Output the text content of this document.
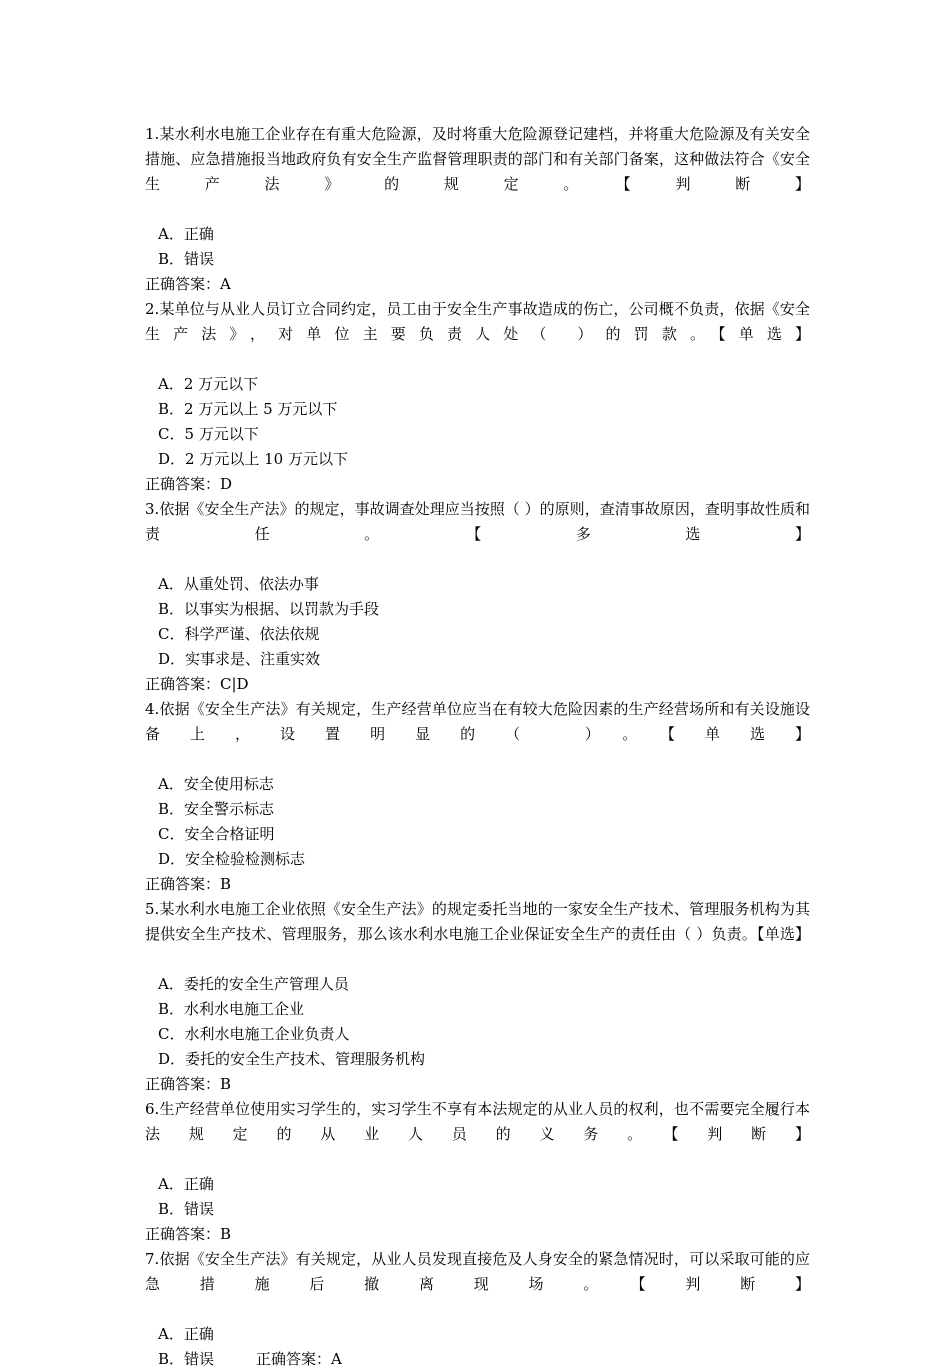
1.某水利水电施工企业存在有重大危险源，及时将重大危险源登记建档，并将重大危险源及有关安全措施、应急措施报当地政府负有安全生产监督管理职责的部门和有关部门备案，这种做法符合《安全生产法》的规定。【判断】

A．正确

B．错误

正确答案：A

2.某单位与从业人员订立合同约定，员工由于安全生产事故造成的伤亡，公司概不负责，依据《安全生产法》，对单位主要负责人处（ ）的罚款。【单选】

A．2 万元以下

B．2 万元以上 5 万元以下

C．5 万元以下

D．2 万元以上 10 万元以下

正确答案：D

3.依据《安全生产法》的规定，事故调查处理应当按照（ ）的原则，查清事故原因，查明事故性质和责任。【多选】

A．从重处罚、依法办事

B．以事实为根据、以罚款为手段

C．科学严谨、依法依规

D．实事求是、注重实效

正确答案：C|D

4.依据《安全生产法》有关规定，生产经营单位应当在有较大危险因素的生产经营场所和有关设施设备上，设置明显的（ ）。【单选】

A．安全使用标志

B．安全警示标志

C．安全合格证明

D．安全检验检测标志

正确答案：B

5.某水利水电施工企业依照《安全生产法》的规定委托当地的一家安全生产技术、管理服务机构为其提供安全生产技术、管理服务，那么该水利水电施工企业保证安全生产的责任由（ ）负责。【单选】

A．委托的安全生产管理人员

B．水利水电施工企业

C．水利水电施工企业负责人

D．委托的安全生产技术、管理服务机构

正确答案：B

6.生产经营单位使用实习学生的，实习学生不享有本法规定的从业人员的权利，也不需要完全履行本法规定的从业人员的义务。【判断】

A．正确

B．错误

正确答案：B

7.依据《安全生产法》有关规定，从业人员发现直接危及人身安全的紧急情况时，可以采取可能的应急措施后撤离现场。【判断】

A．正确

B．错误	正确答案：A
